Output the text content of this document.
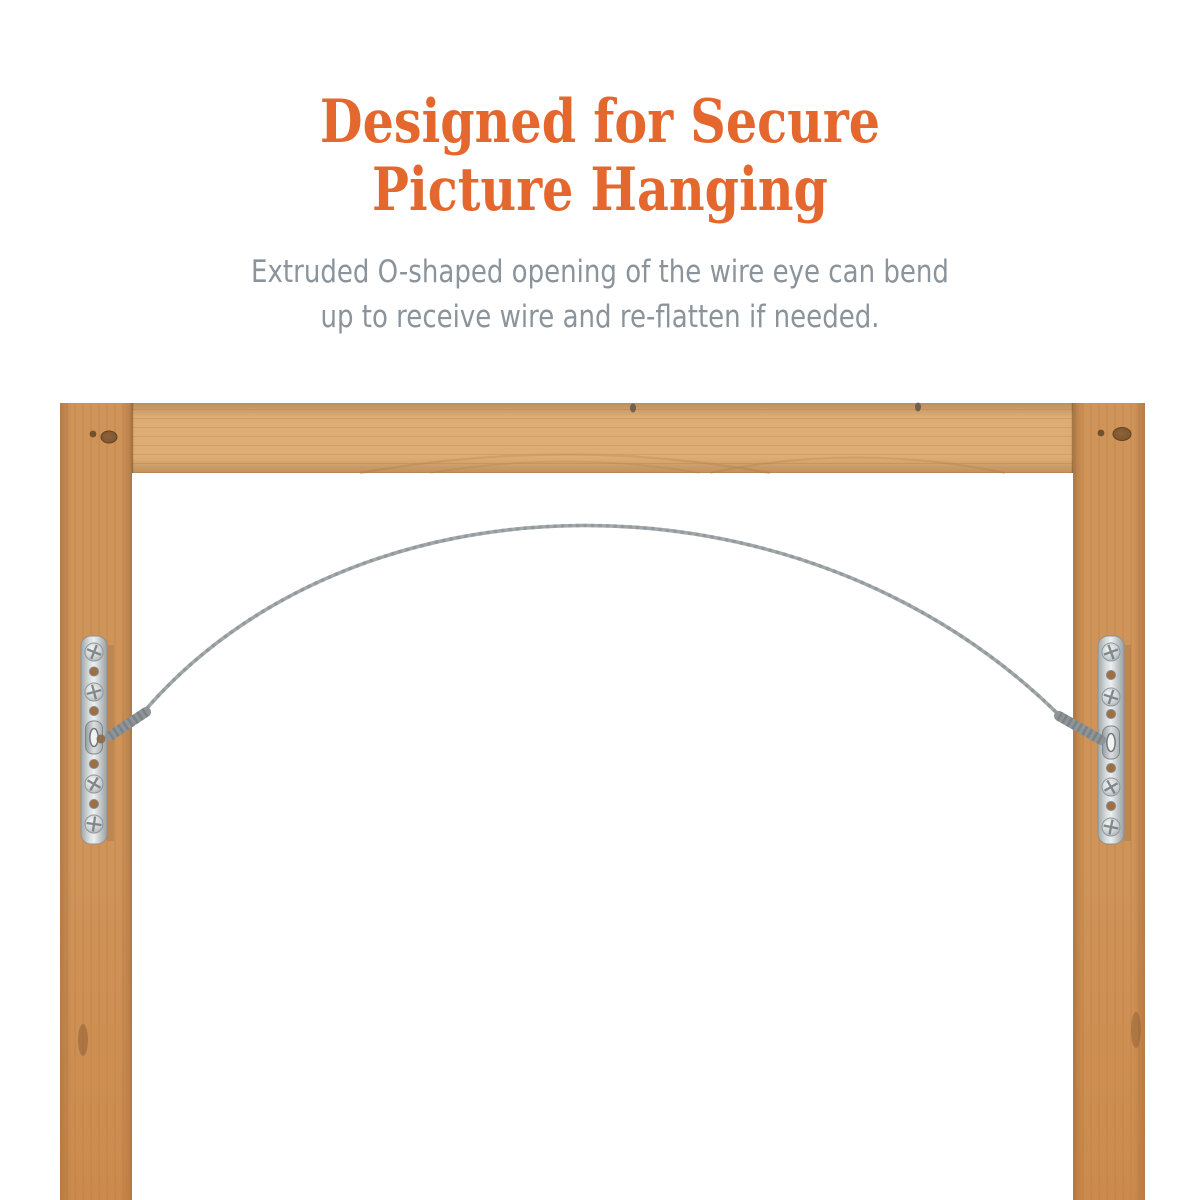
Designed for Secure
Picture Hanging

Extruded O-shaped opening of the wire eye can bend
up to receive wire and re-flatten if needed.
